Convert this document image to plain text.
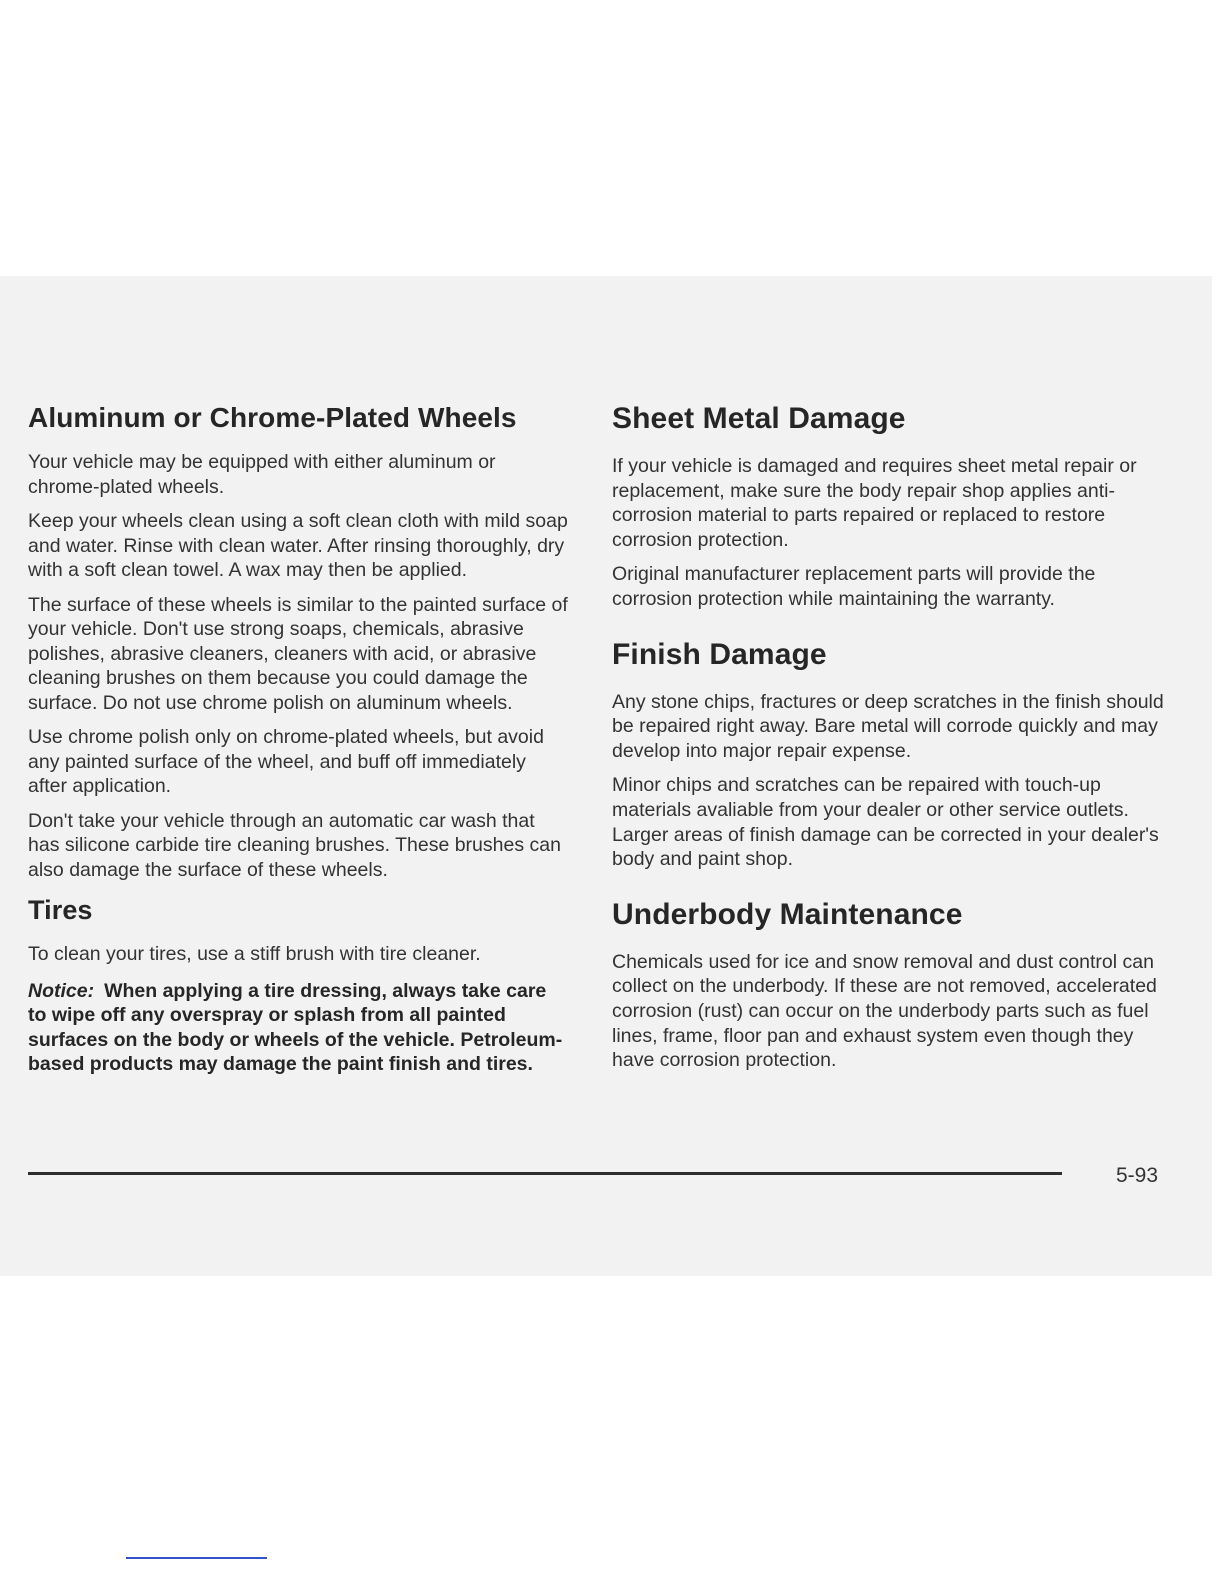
Aluminum or Chrome-Plated Wheels

Your vehicle may be equipped with either aluminum or chrome-plated wheels.

Keep your wheels clean using a soft clean cloth with mild soap and water. Rinse with clean water. After rinsing thoroughly, dry with a soft clean towel. A wax may then be applied.

The surface of these wheels is similar to the painted surface of your vehicle. Don't use strong soaps, chemicals, abrasive polishes, abrasive cleaners, cleaners with acid, or abrasive cleaning brushes on them because you could damage the surface. Do not use chrome polish on aluminum wheels.

Use chrome polish only on chrome-plated wheels, but avoid any painted surface of the wheel, and buff off immediately after application.

Don't take your vehicle through an automatic car wash that has silicone carbide tire cleaning brushes. These brushes can also damage the surface of these wheels.

Tires

To clean your tires, use a stiff brush with tire cleaner.

Notice: When applying a tire dressing, always take care to wipe off any overspray or splash from all painted surfaces on the body or wheels of the vehicle. Petroleum-based products may damage the paint finish and tires.

Sheet Metal Damage

If your vehicle is damaged and requires sheet metal repair or replacement, make sure the body repair shop applies anti-corrosion material to parts repaired or replaced to restore corrosion protection.

Original manufacturer replacement parts will provide the corrosion protection while maintaining the warranty.

Finish Damage

Any stone chips, fractures or deep scratches in the finish should be repaired right away. Bare metal will corrode quickly and may develop into major repair expense.

Minor chips and scratches can be repaired with touch-up materials avaliable from your dealer or other service outlets. Larger areas of finish damage can be corrected in your dealer's body and paint shop.

Underbody Maintenance

Chemicals used for ice and snow removal and dust control can collect on the underbody. If these are not removed, accelerated corrosion (rust) can occur on the underbody parts such as fuel lines, frame, floor pan and exhaust system even though they have corrosion protection.

5-93
